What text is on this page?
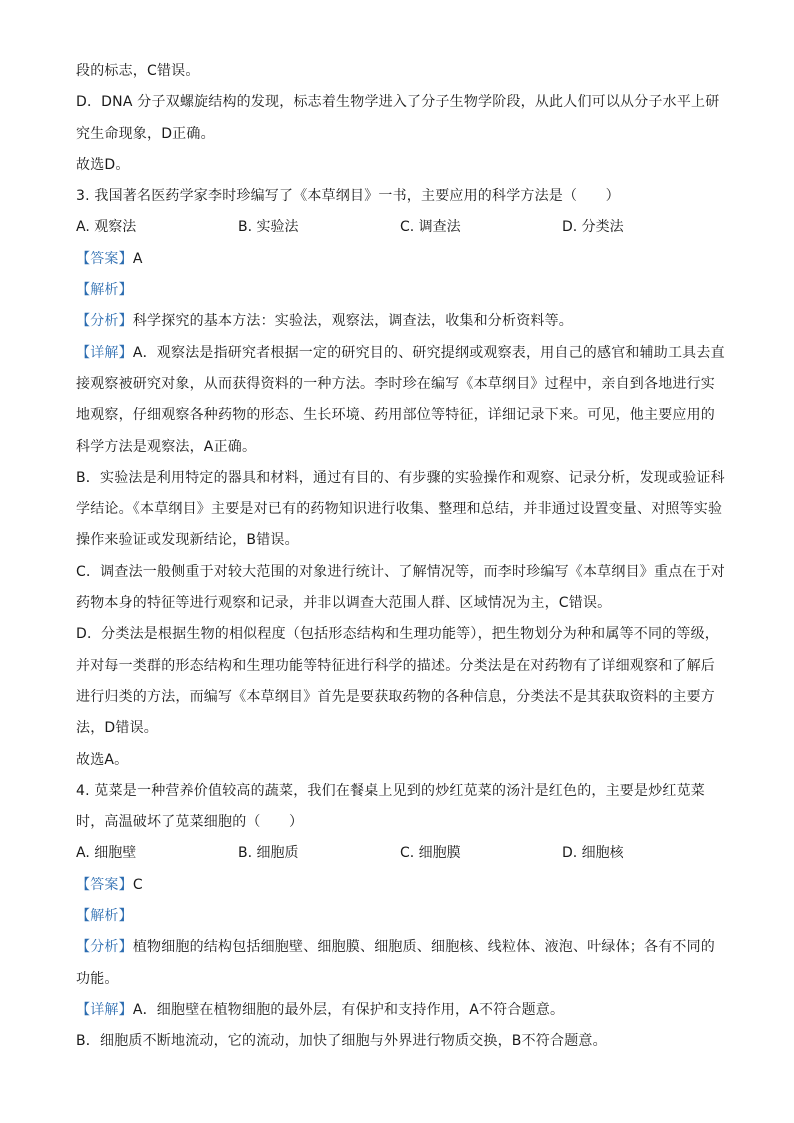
段的标志，C错误。
D．DNA 分子双螺旋结构的发现，标志着生物学进入了分子生物学阶段，从此人们可以从分子水平上研
究生命现象，D正确。
故选D。
3. 我国著名医药学家李时珍编写了《本草纲目》一书，主要应用的科学方法是（　　）
A. 观察法	B. 实验法	C. 调查法	D. 分类法
【答案】A
【解析】
【分析】科学探究的基本方法：实验法，观察法，调查法，收集和分析资料等。
【详解】A．观察法是指研究者根据一定的研究目的、研究提纲或观察表，用自己的感官和辅助工具去直
接观察被研究对象，从而获得资料的一种方法。李时珍在编写《本草纲目》过程中，亲自到各地进行实
地观察，仔细观察各种药物的形态、生长环境、药用部位等特征，详细记录下来。可见，他主要应用的
科学方法是观察法，A正确。
B．实验法是利用特定的器具和材料，通过有目的、有步骤的实验操作和观察、记录分析，发现或验证科
学结论。《本草纲目》主要是对已有的药物知识进行收集、整理和总结，并非通过设置变量、对照等实验
操作来验证或发现新结论，B错误。
C．调查法一般侧重于对较大范围的对象进行统计、了解情况等，而李时珍编写《本草纲目》重点在于对
药物本身的特征等进行观察和记录，并非以调查大范围人群、区域情况为主，C错误。
D．分类法是根据生物的相似程度（包括形态结构和生理功能等），把生物划分为种和属等不同的等级，
并对每一类群的形态结构和生理功能等特征进行科学的描述。分类法是在对药物有了详细观察和了解后
进行归类的方法，而编写《本草纲目》首先是要获取药物的各种信息，分类法不是其获取资料的主要方
法，D错误。
故选A。
4. 苋菜是一种营养价值较高的蔬菜，我们在餐桌上见到的炒红苋菜的汤汁是红色的，主要是炒红苋菜
时，高温破坏了苋菜细胞的（　　）
A. 细胞壁	B. 细胞质	C. 细胞膜	D. 细胞核
【答案】C
【解析】
【分析】植物细胞的结构包括细胞壁、细胞膜、细胞质、细胞核、线粒体、液泡、叶绿体；各有不同的
功能。
【详解】A．细胞壁在植物细胞的最外层，有保护和支持作用，A不符合题意。
B．细胞质不断地流动，它的流动，加快了细胞与外界进行物质交换，B不符合题意。
